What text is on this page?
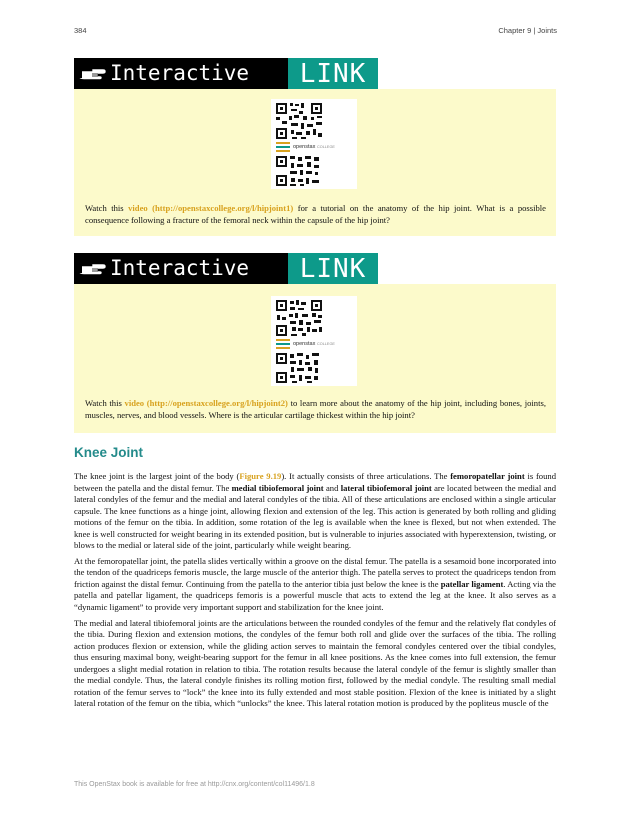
384	Chapter 9 | Joints
Interactive LINK
openstax COLLEGE
Watch this video (http://openstaxcollege.org/l/hipjoint1) for a tutorial on the anatomy of the hip joint. What is a possible consequence following a fracture of the femoral neck within the capsule of the hip joint?
Interactive LINK
openstax COLLEGE
Watch this video (http://openstaxcollege.org/l/hipjoint2) to learn more about the anatomy of the hip joint, including bones, joints, muscles, nerves, and blood vessels. Where is the articular cartilage thickest within the hip joint?
Knee Joint

The knee joint is the largest joint of the body (Figure 9.19). It actually consists of three articulations. The femoropatellar joint is found between the patella and the distal femur. The medial tibiofemoral joint and lateral tibiofemoral joint are located between the medial and lateral condyles of the femur and the medial and lateral condyles of the tibia. All of these articulations are enclosed within a single articular capsule. The knee functions as a hinge joint, allowing flexion and extension of the leg. This action is generated by both rolling and gliding motions of the femur on the tibia. In addition, some rotation of the leg is available when the knee is flexed, but not when extended. The knee is well constructed for weight bearing in its extended position, but is vulnerable to injuries associated with hyperextension, twisting, or blows to the medial or lateral side of the joint, particularly while weight bearing.

At the femoropatellar joint, the patella slides vertically within a groove on the distal femur. The patella is a sesamoid bone incorporated into the tendon of the quadriceps femoris muscle, the large muscle of the anterior thigh. The patella serves to protect the quadriceps tendon from friction against the distal femur. Continuing from the patella to the anterior tibia just below the knee is the patellar ligament. Acting via the patella and patellar ligament, the quadriceps femoris is a powerful muscle that acts to extend the leg at the knee. It also serves as a “dynamic ligament” to provide very important support and stabilization for the knee joint.

The medial and lateral tibiofemoral joints are the articulations between the rounded condyles of the femur and the relatively flat condyles of the tibia. During flexion and extension motions, the condyles of the femur both roll and glide over the surfaces of the tibia. The rolling action produces flexion or extension, while the gliding action serves to maintain the femoral condyles centered over the tibial condyles, thus ensuring maximal bony, weight-bearing support for the femur in all knee positions. As the knee comes into full extension, the femur undergoes a slight medial rotation in relation to tibia. The rotation results because the lateral condyle of the femur is slightly smaller than the medial condyle. Thus, the lateral condyle finishes its rolling motion first, followed by the medial condyle. The resulting small medial rotation of the femur serves to “lock” the knee into its fully extended and most stable position. Flexion of the knee is initiated by a slight lateral rotation of the femur on the tibia, which “unlocks” the knee. This lateral rotation motion is produced by the popliteus muscle of the

This OpenStax book is available for free at http://cnx.org/content/col11496/1.8
